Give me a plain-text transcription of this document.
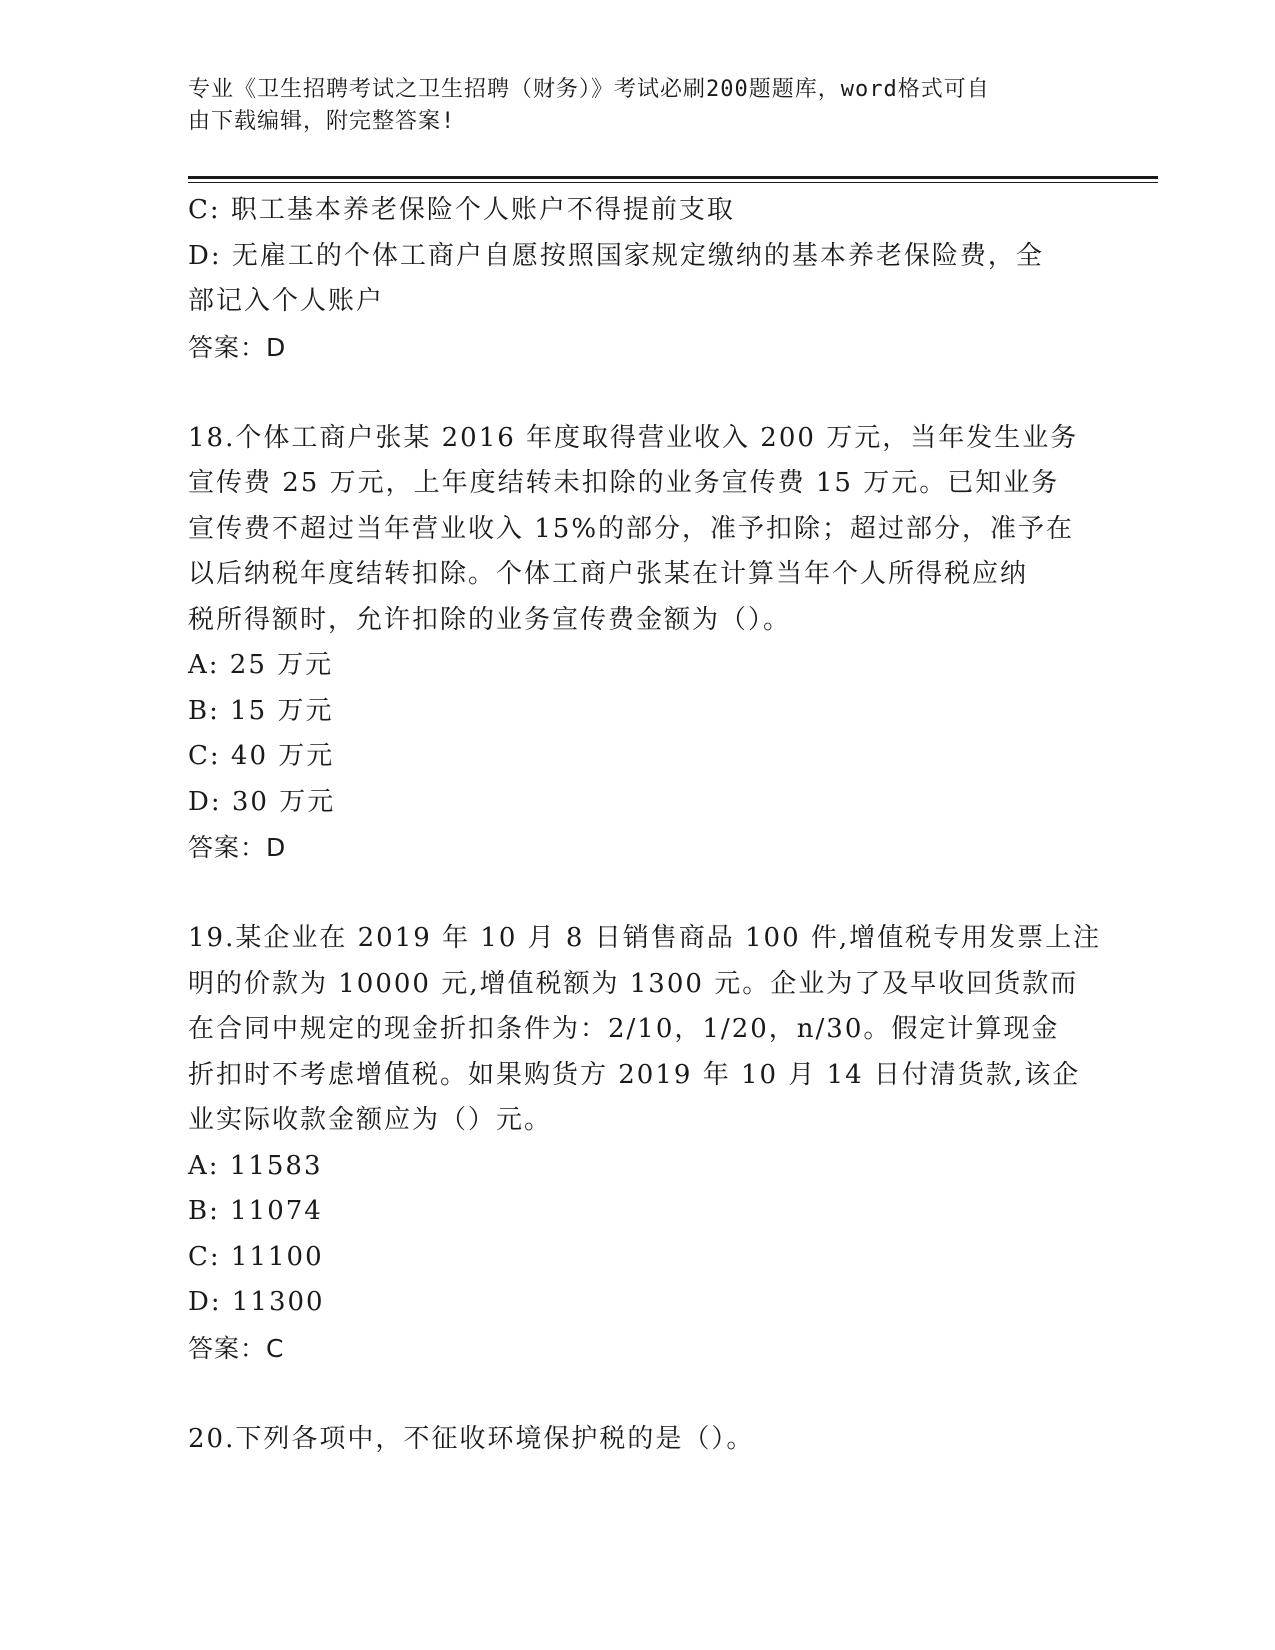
专业《卫生招聘考试之卫生招聘（财务）》考试必刷200题题库，word格式可自
由下载编辑，附完整答案!
C: 职工基本养老保险个人账户不得提前支取
D: 无雇工的个体工商户自愿按照国家规定缴纳的基本养老保险费，全
部记入个人账户
答案：D
18.个体工商户张某 2016 年度取得营业收入 200 万元，当年发生业务
宣传费 25 万元，上年度结转未扣除的业务宣传费 15 万元。已知业务
宣传费不超过当年营业收入 15%的部分，准予扣除；超过部分，准予在
以后纳税年度结转扣除。个体工商户张某在计算当年个人所得税应纳
税所得额时，允许扣除的业务宣传费金额为（）。
A: 25 万元
B: 15 万元
C: 40 万元
D: 30 万元
答案：D
19.某企业在 2019 年 10 月 8 日销售商品 100 件,增值税专用发票上注
明的价款为 10000 元,增值税额为 1300 元。企业为了及早收回货款而
在合同中规定的现金折扣条件为：2/10，1/20，n/30。假定计算现金
折扣时不考虑增值税。如果购货方 2019 年 10 月 14 日付清货款,该企
业实际收款金额应为（）元。
A: 11583
B: 11074
C: 11100
D: 11300
答案：C
20.下列各项中，不征收环境保护税的是（）。
